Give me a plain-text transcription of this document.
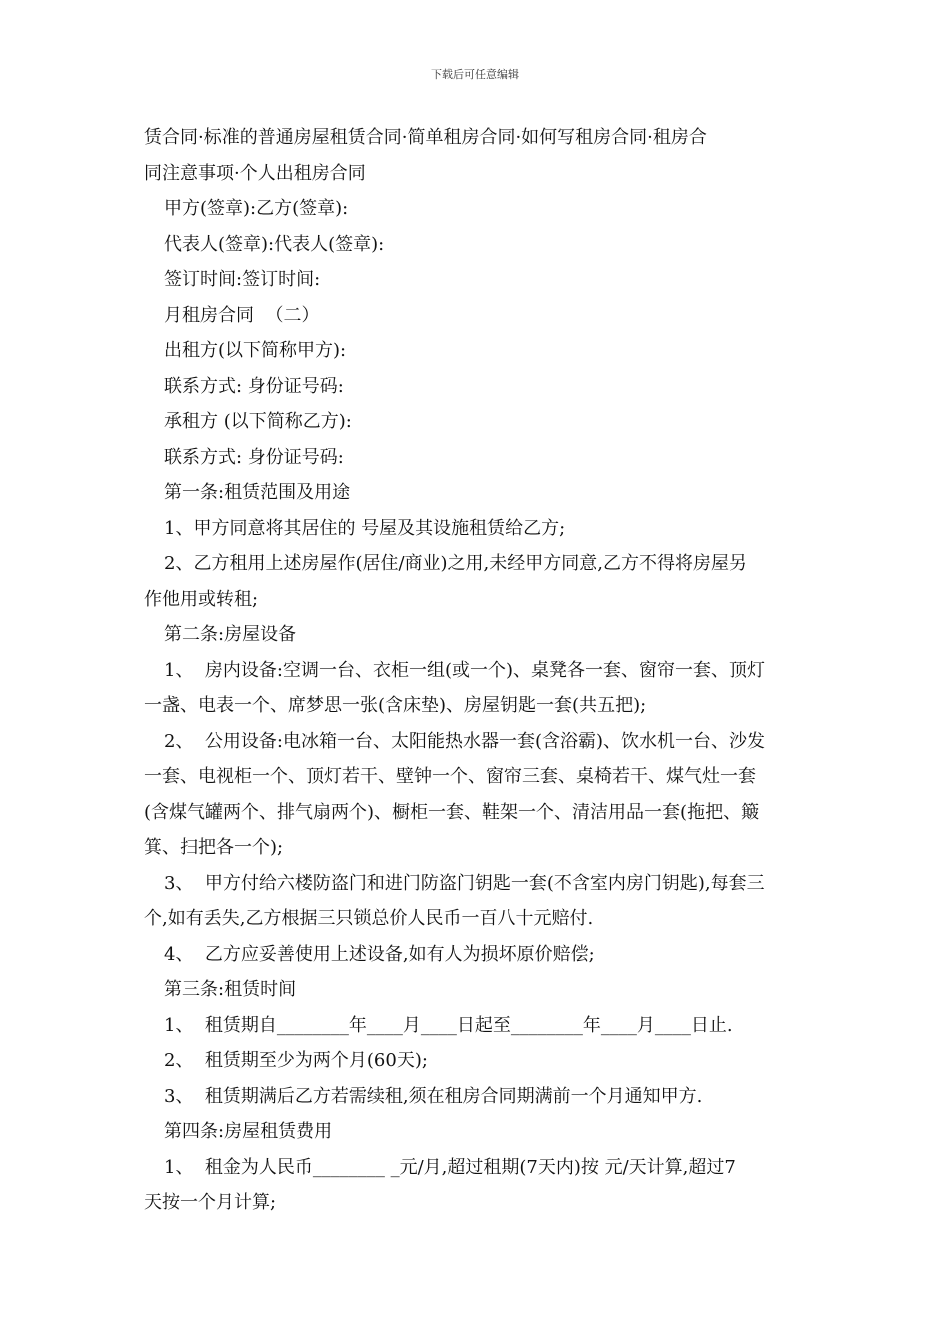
下载后可任意编辑
赁合同·标准的普通房屋租赁合同·简单租房合同·如何写租房合同·租房合
同注意事项·个人出租房合同
甲方(签章):乙方(签章):
代表人(签章):代表人(签章):
签订时间:签订时间:
月租房合同  （二）
出租方(以下简称甲方):
联系方式: 身份证号码:
承租方 (以下简称乙方):
联系方式: 身份证号码:
第一条:租赁范围及用途
1、甲方同意将其居住的 号屋及其设施租赁给乙方;
2、乙方租用上述房屋作(居住/商业)之用,未经甲方同意,乙方不得将房屋另
作他用或转租;
第二条:房屋设备
1、  房内设备:空调一台、衣柜一组(或一个)、桌凳各一套、窗帘一套、顶灯
一盏、电表一个、席梦思一张(含床垫)、房屋钥匙一套(共五把);
2、  公用设备:电冰箱一台、太阳能热水器一套(含浴霸)、饮水机一台、沙发
一套、电视柜一个、顶灯若干、壁钟一个、窗帘三套、桌椅若干、煤气灶一套
(含煤气罐两个、排气扇两个)、橱柜一套、鞋架一个、清洁用品一套(拖把、簸
箕、扫把各一个);
3、  甲方付给六楼防盗门和进门防盗门钥匙一套(不含室内房门钥匙),每套三
个,如有丢失,乙方根据三只锁总价人民币一百八十元赔付.
4、  乙方应妥善使用上述设备,如有人为损坏原价赔偿;
第三条:租赁时间
1、  租赁期自________年____月____日起至________年____月____日止.
2、  租赁期至少为两个月(60天);
3、  租赁期满后乙方若需续租,须在租房合同期满前一个月通知甲方.
第四条:房屋租赁费用
1、  租金为人民币________ _元/月,超过租期(7天内)按 元/天计算,超过7
天按一个月计算;
